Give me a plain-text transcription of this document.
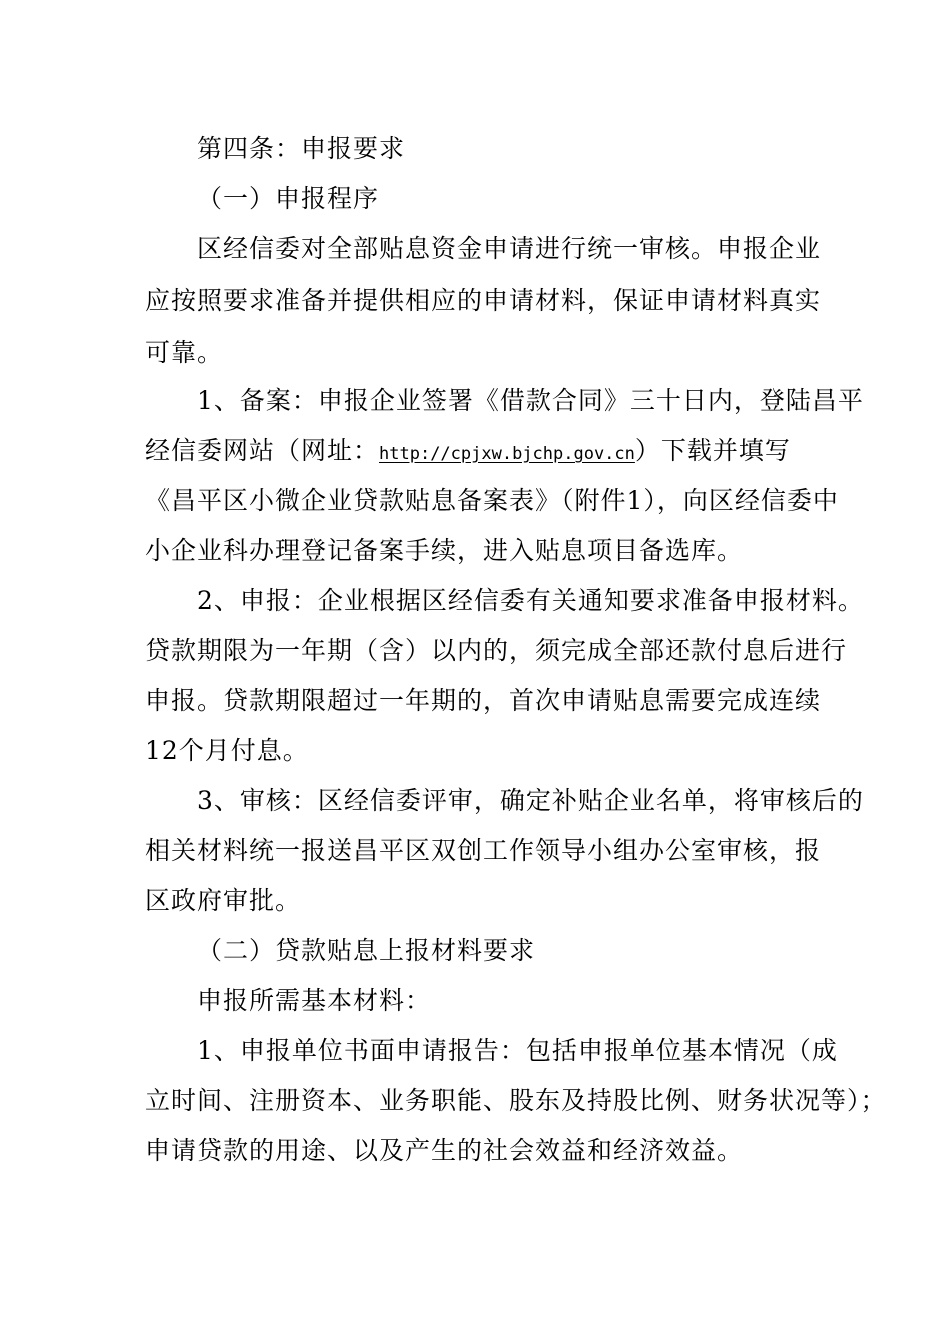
第四条：申报要求
（一）申报程序
区经信委对全部贴息资金申请进行统一审核。申报企业
应按照要求准备并提供相应的申请材料，保证申请材料真实
可靠。
1、备案：申报企业签署《借款合同》三十日内，登陆昌平
经信委网站（网址：http://cpjxw.bjchp.gov.cn）下载并填写
《昌平区小微企业贷款贴息备案表》（附件1），向区经信委中
小企业科办理登记备案手续，进入贴息项目备选库。
2、申报：企业根据区经信委有关通知要求准备申报材料。
贷款期限为一年期（含）以内的，须完成全部还款付息后进行
申报。贷款期限超过一年期的，首次申请贴息需要完成连续
12个月付息。
3、审核：区经信委评审，确定补贴企业名单，将审核后的
相关材料统一报送昌平区双创工作领导小组办公室审核，报
区政府审批。
（二）贷款贴息上报材料要求
申报所需基本材料：
1、申报单位书面申请报告：包括申报单位基本情况（成
立时间、注册资本、业务职能、股东及持股比例、财务状况等）；
申请贷款的用途、以及产生的社会效益和经济效益。
